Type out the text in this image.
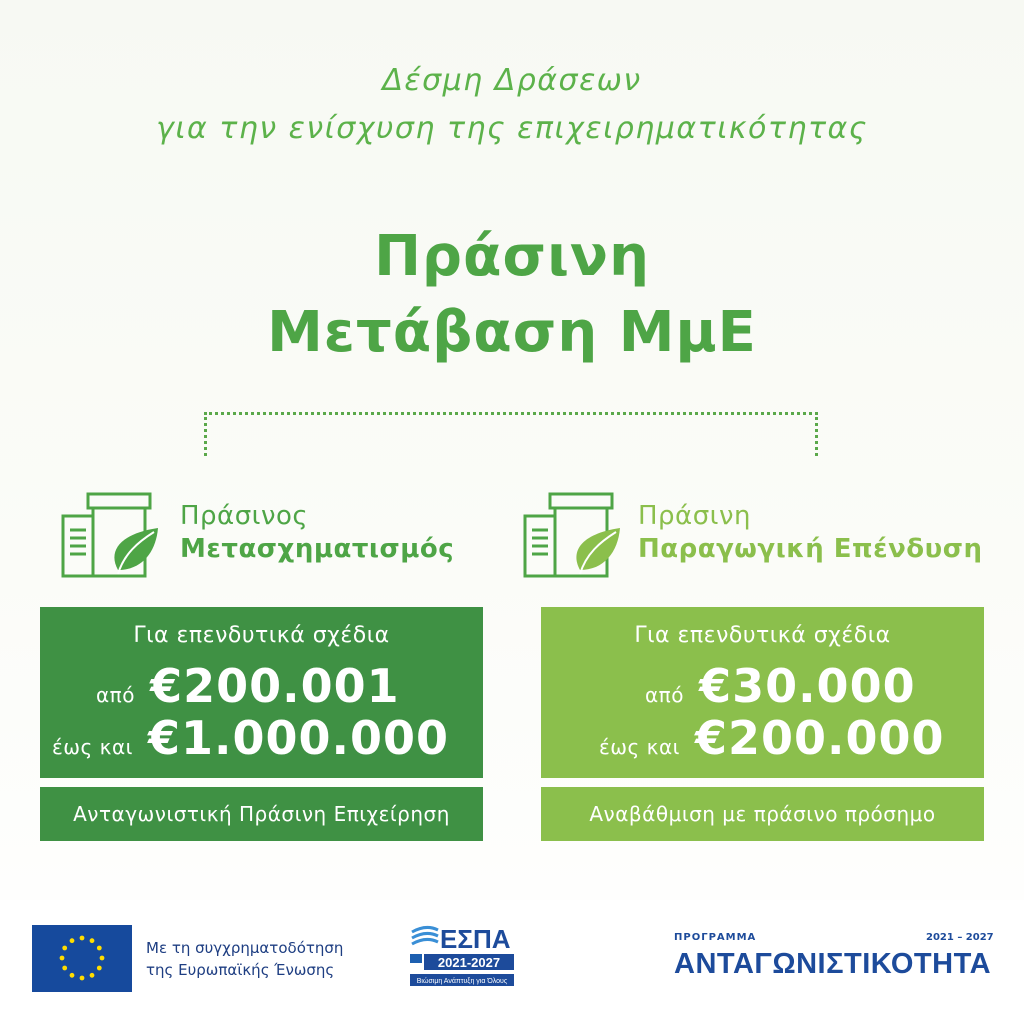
Δέσμη Δράσεων
για την ενίσχυση της επιχειρηματικότητας
Πράσινη
Μετάβαση ΜμΕ
Πράσινος
Μετασχηματισμός
Για επενδυτικά σχέδια
από €200.001
έως και €1.000.000
Ανταγωνιστική Πράσινη Επιχείρηση
Πράσινη
Παραγωγική Επένδυση
Για επενδυτικά σχέδια
από €30.000
έως και €200.000
Αναβάθμιση με πράσινο πρόσημο
Με τη συγχρηματοδότηση
της Ευρωπαϊκής Ένωσης
ΕΣΠΑ
2021-2027
Βιώσιμη Ανάπτυξη για Όλους
ΠΡΟΓΡΑΜΜΑ	2021 – 2027
ΑΝΤΑΓΩΝΙΣΤΙΚΟΤΗΤΑ
